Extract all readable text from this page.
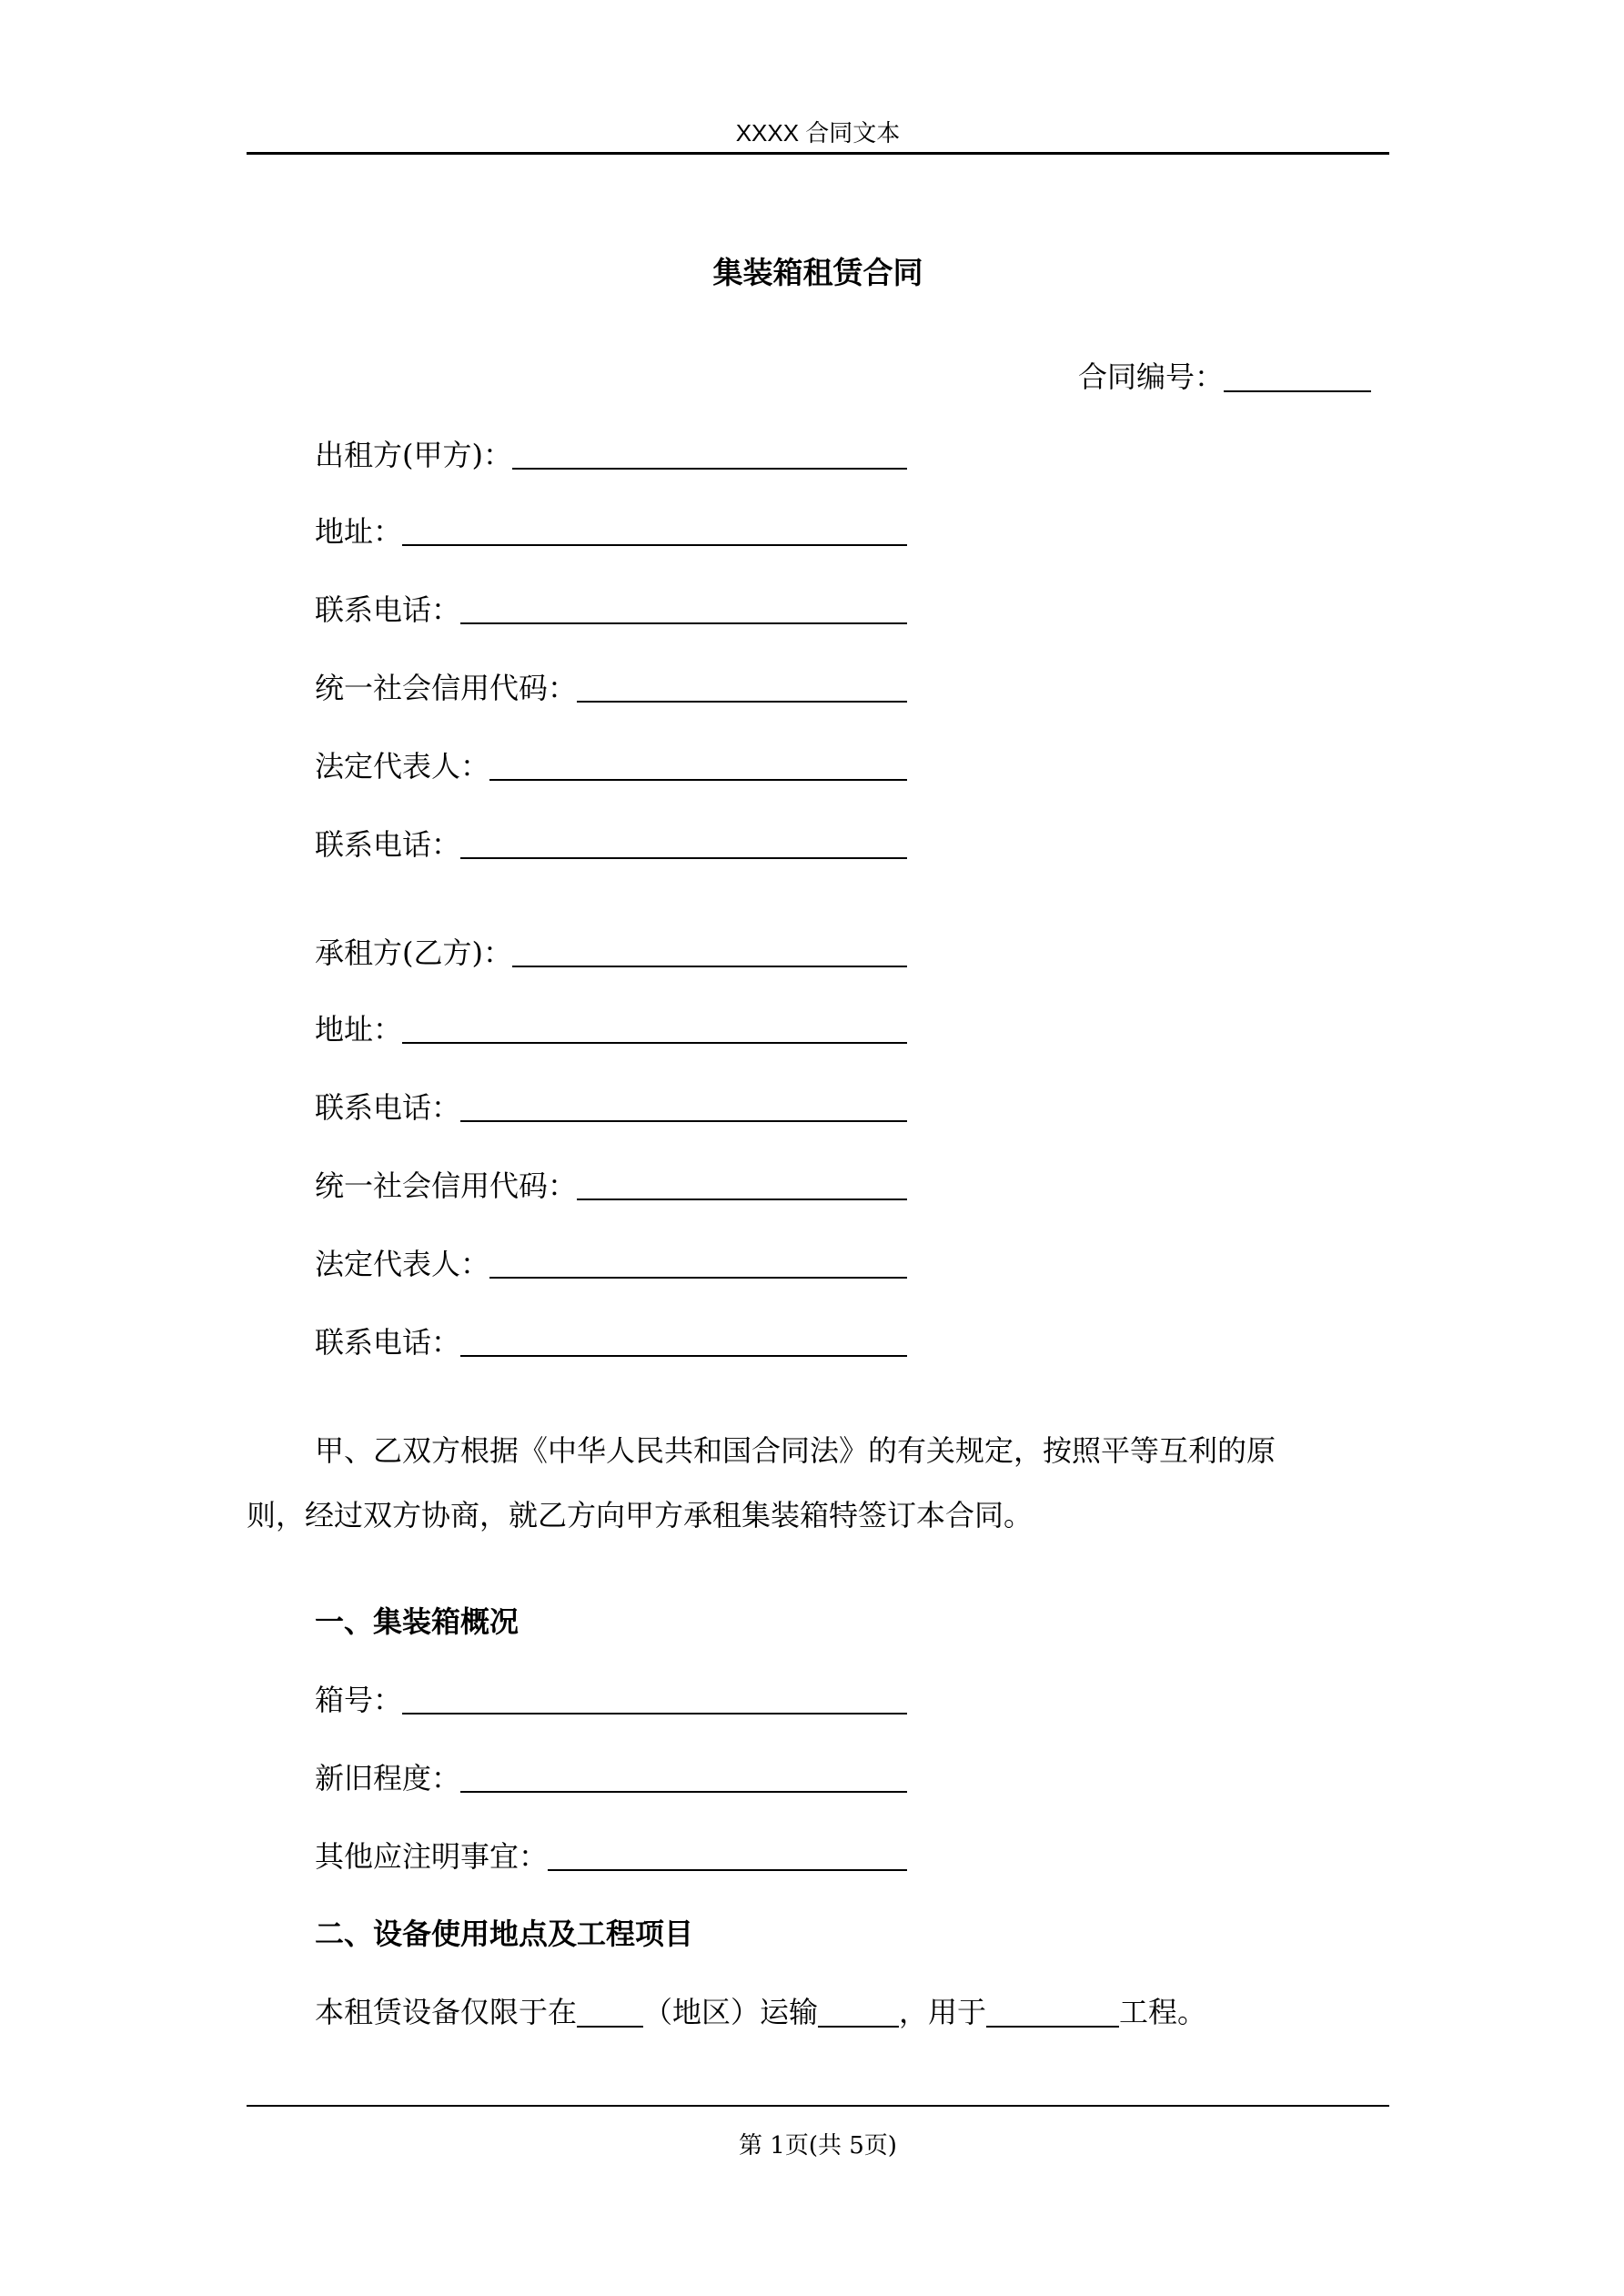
XXXX 合同文本
集装箱租赁合同
合同编号：
出租方(甲方)：
地址：
联系电话：
统一社会信用代码：
法定代表人：
联系电话：
承租方(乙方)：
地址：
联系电话：
统一社会信用代码：
法定代表人：
联系电话：
甲、乙双方根据《中华人民共和国合同法》的有关规定，按照平等互利的原
则，经过双方协商，就乙方向甲方承租集装箱特签订本合同。
一、集装箱概况
箱号：
新旧程度：
其他应注明事宜：
二、设备使用地点及工程项目
本租赁设备仅限于在 （地区）运输	，用于	工程。
第 1页(共 5页)
